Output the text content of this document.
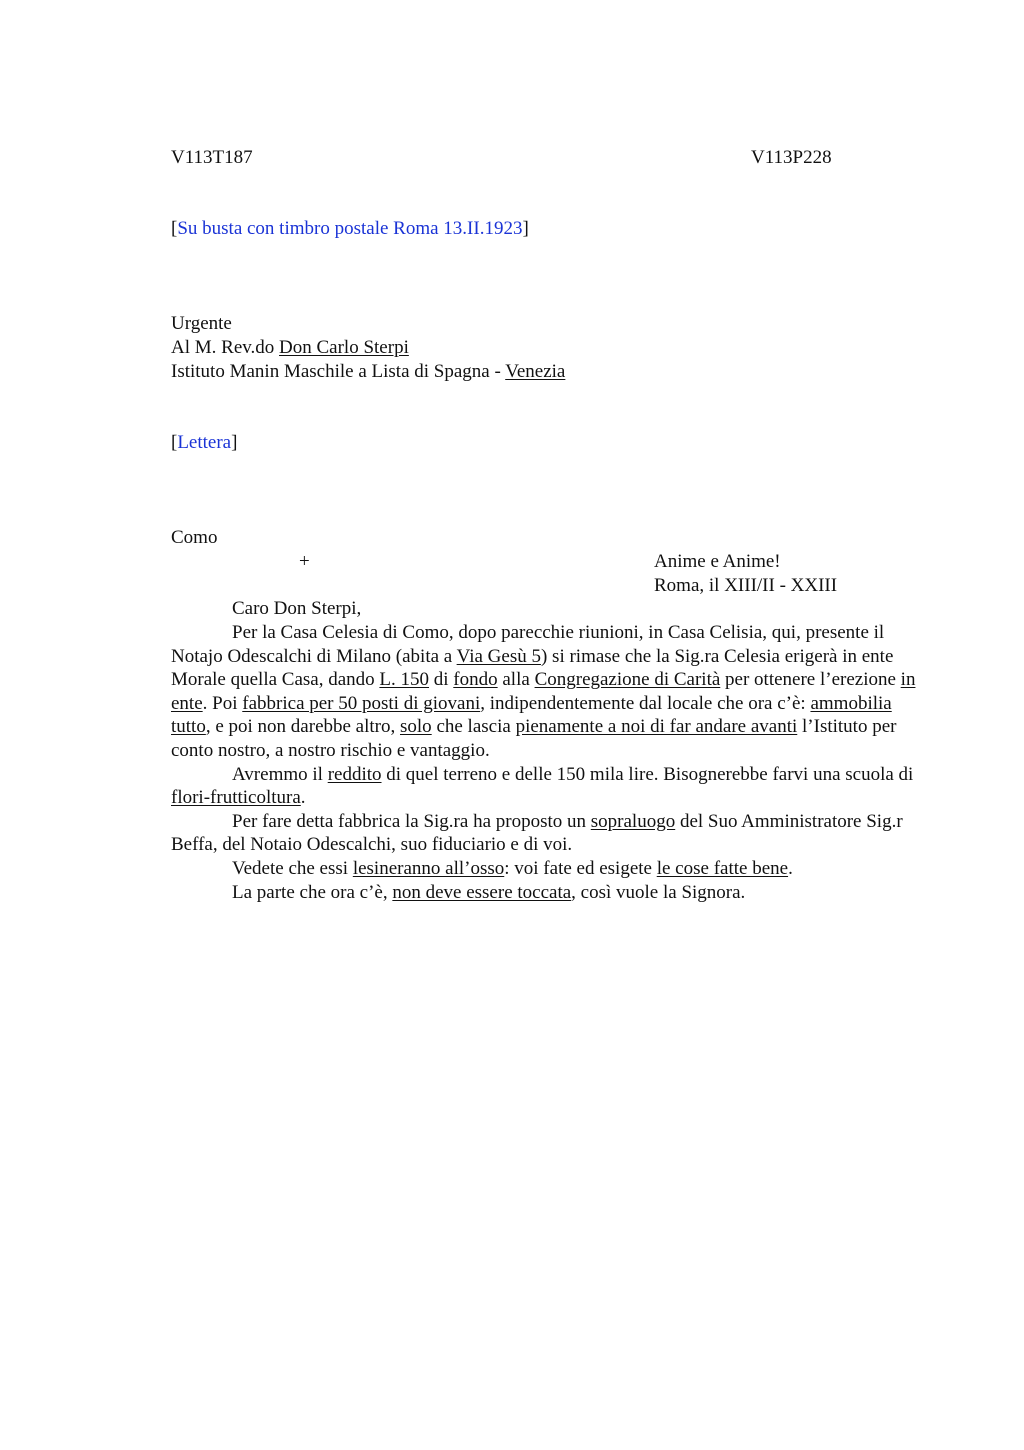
V113T187	V113P228
[Su busta con timbro postale Roma 13.II.1923]
Urgente
Al M. Rev.do Don Carlo Sterpi
Istituto Manin Maschile a Lista di Spagna - Venezia
[Lettera]
Como
+	Anime e Anime!
Roma, il XIII/II - XXIII
Caro Don Sterpi,

Per la Casa Celesia di Como, dopo parecchie riunioni, in Casa Celisia, qui, presente il Notajo Odescalchi di Milano (abita a Via Gesù 5) si rimase che la Sig.ra Celesia erigerà in ente Morale quella Casa, dando L. 150 di fondo alla Congregazione di Carità per ottenere l’erezione in ente. Poi fabbrica per 50 posti di giovani, indipendentemente dal locale che ora c’è: ammobilia tutto, e poi non darebbe altro, solo che lascia pienamente a noi di far andare avanti l’Istituto per conto nostro, a nostro rischio e vantaggio.

Avremmo il reddito di quel terreno e delle 150 mila lire. Bisognerebbe farvi una scuola di flori-frutticoltura.

Per fare detta fabbrica la Sig.ra ha proposto un sopraluogo del Suo Amministratore Sig.r Beffa, del Notaio Odescalchi, suo fiduciario e di voi.

Vedete che essi lesineranno all’osso: voi fate ed esigete le cose fatte bene.

La parte che ora c’è, non deve essere toccata, così vuole la Signora.
